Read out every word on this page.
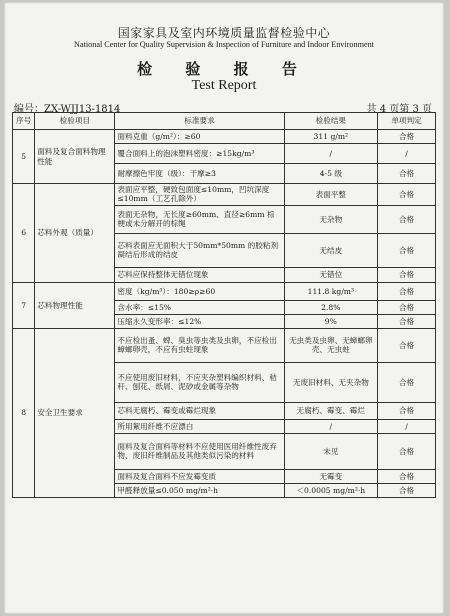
国家家具及室内环境质量监督检验中心
National Center for Quality Supervision & Inspection of Furniture and Indoor Environment
检 验 报 告
Test Report
编号：ZX-WJJ13-1814	共 4 页第 3 页
序号	检验项目	标准要求	检验结果	单项判定
5	面料及复合面料物理性能	面料克重（g/m²）：≥60	311 g/m²	合格
		覆合面料上的泡沫塑料密度：≥15kg/m³	/	/
		耐摩擦色牢度（级）：干摩≥3	4-5 级	合格
6	芯料外观（质量）	表面应平整，硬致包面度≤10mm，凹坑深度≤10mm（工艺孔除外）	表面平整	合格
		表面无杂物，无长度≥60mm、直径≥6mm 棕梗或未分解开的棕绳	无杂物	合格
		芯料表面应无面积大于50mm*50mm 的胶粘剂凝结后形成的结皮	无结皮	合格
		芯料应保持整体无错位现象	无错位	合格
7	芯料物理性能	密度（kg/m³）：180≥ρ≥60	111.8 kg/m³	合格
		含水率：≤15%	2.8%	合格
		压缩永久变形率：≤12%	9%	合格
8	安全卫生要求	不应检出蚤、蜱、臭虫等虫类及虫卵，不应检出蟑螂卵壳，不应有虫蛀现象	无虫类及虫卵、无蟑螂卵壳、无虫蛀	合格
		不应使用废旧材料，不应夹杂塑料编织材料、秸秆、刨花、纸屑、泥砂或金属等杂物	无废旧材料、无夹杂物	合格
		芯料无腐朽、霉变或霉烂现象	无腐朽、霉变、霉烂	合格
		所用絮用纤维不应漂白	/	/
		面料及复合面料等材料不应使用医用纤维性废弃物、废旧纤维制品及其他类似污染的材料	未见	合格
		面料及复合面料不应发霉变质	无霉变	合格
		甲醛释放量≤0.050 mg/m²·h	＜0.0005 mg/m²·h	合格
